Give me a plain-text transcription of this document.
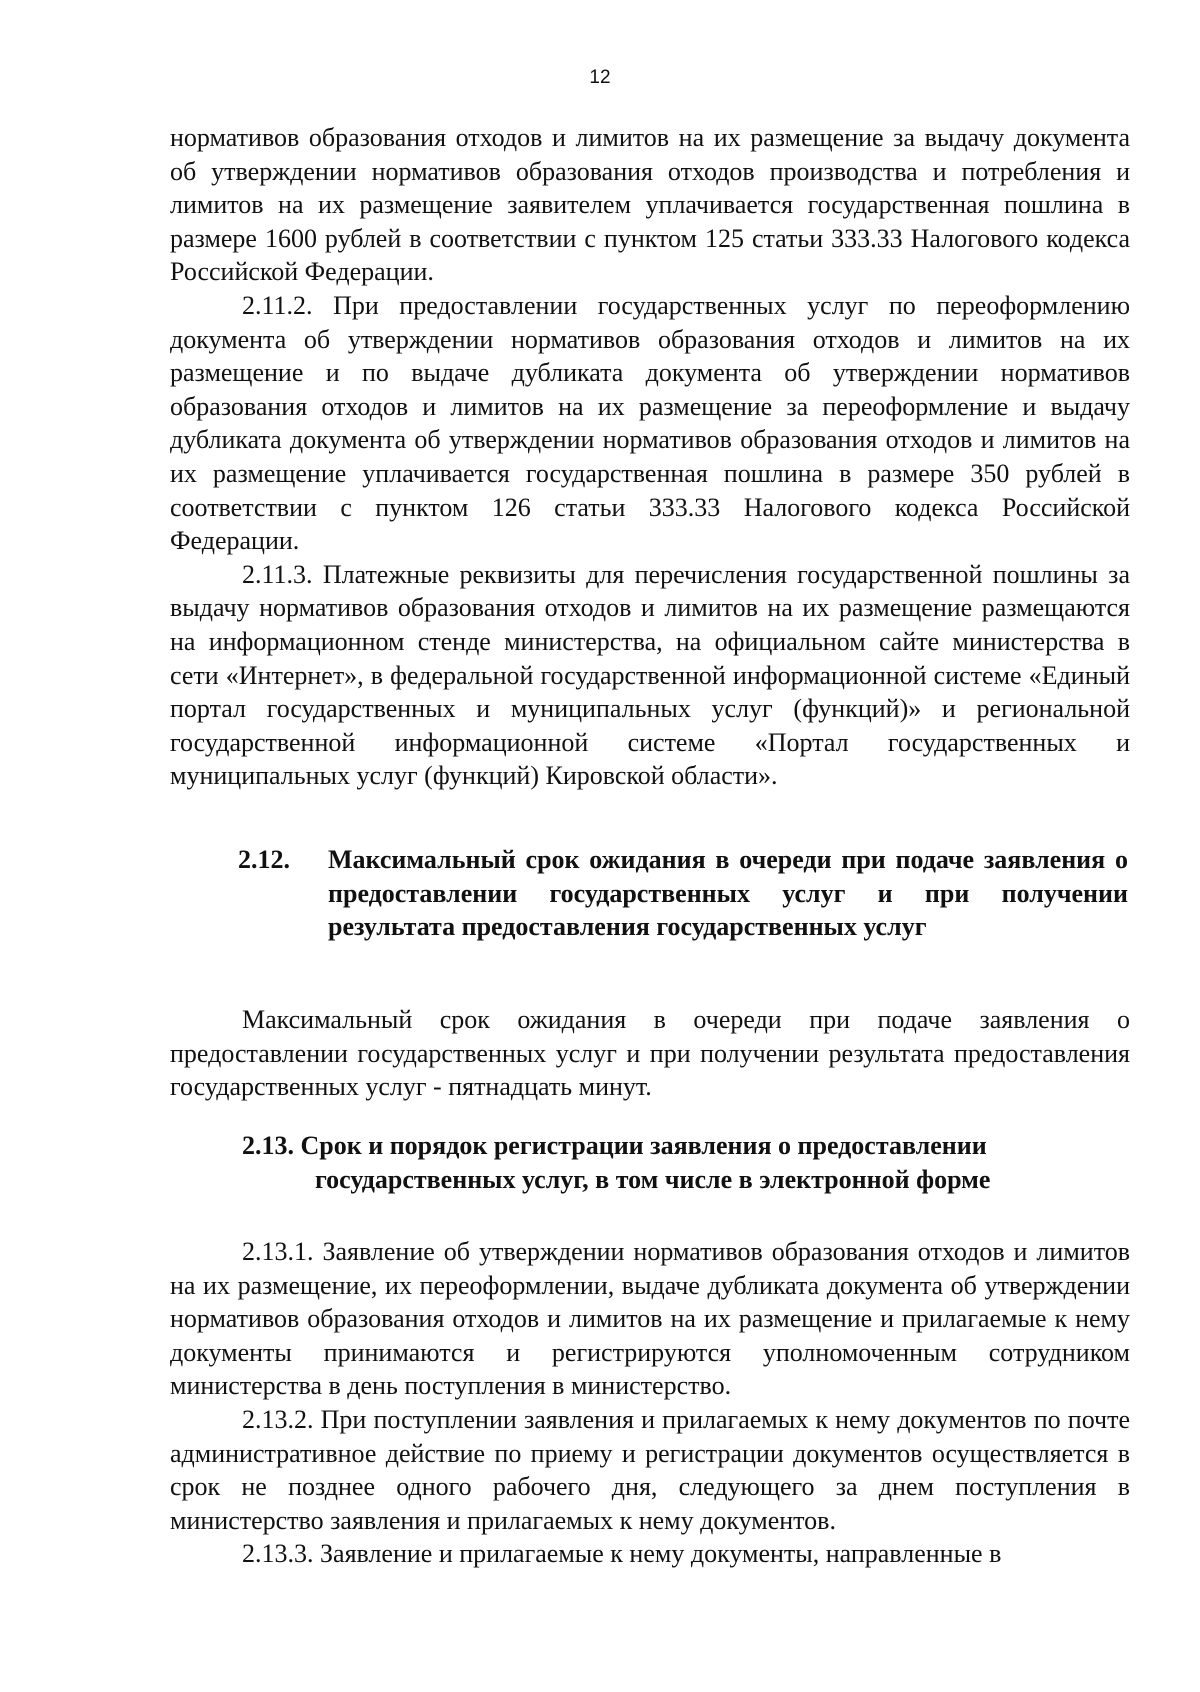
12

нормативов образования отходов и лимитов на их размещение за выдачу документа об утверждении нормативов образования отходов производства и потребления и лимитов на их размещение заявителем уплачивается государственная пошлина в размере 1600 рублей в соответствии с пунктом 125 статьи 333.33 Налогового кодекса Российской Федерации.

2.11.2. При предоставлении государственных услуг по переоформлению документа об утверждении нормативов образования отходов и лимитов на их размещение и по выдаче дубликата документа об утверждении нормативов образования отходов и лимитов на их размещение за переоформление и выдачу дубликата документа об утверждении нормативов образования отходов и лимитов на их размещение уплачивается государственная пошлина в размере 350 рублей в соответствии с пунктом 126 статьи 333.33 Налогового кодекса Российской Федерации.

2.11.3. Платежные реквизиты для перечисления государственной пошлины за выдачу нормативов образования отходов и лимитов на их размещение размещаются на информационном стенде министерства, на официальном сайте министерства в сети «Интернет», в федеральной государственной информационной системе «Единый портал государственных и муниципальных услуг (функций)» и региональной государственной информационной системе «Портал государственных и муниципальных услуг (функций) Кировской области».

2.12. Максимальный срок ожидания в очереди при подаче заявления о предоставлении государственных услуг и при получении результата предоставления государственных услуг

Максимальный срок ожидания в очереди при подаче заявления о предоставлении государственных услуг и при получении результата предоставления государственных услуг - пятнадцать минут.

2.13. Срок и порядок регистрации заявления о предоставлении
государственных услуг, в том числе в электронной форме

2.13.1. Заявление об утверждении нормативов образования отходов и лимитов на их размещение, их переоформлении, выдаче дубликата документа об утверждении нормативов образования отходов и лимитов на их размещение и прилагаемые к нему документы принимаются и регистрируются уполномоченным сотрудником министерства в день поступления в министерство.

2.13.2. При поступлении заявления и прилагаемых к нему документов по почте административное действие по приему и регистрации документов осуществляется в срок не позднее одного рабочего дня, следующего за днем поступления в министерство заявления и прилагаемых к нему документов.

2.13.3. Заявление и прилагаемые к нему документы, направленные в
